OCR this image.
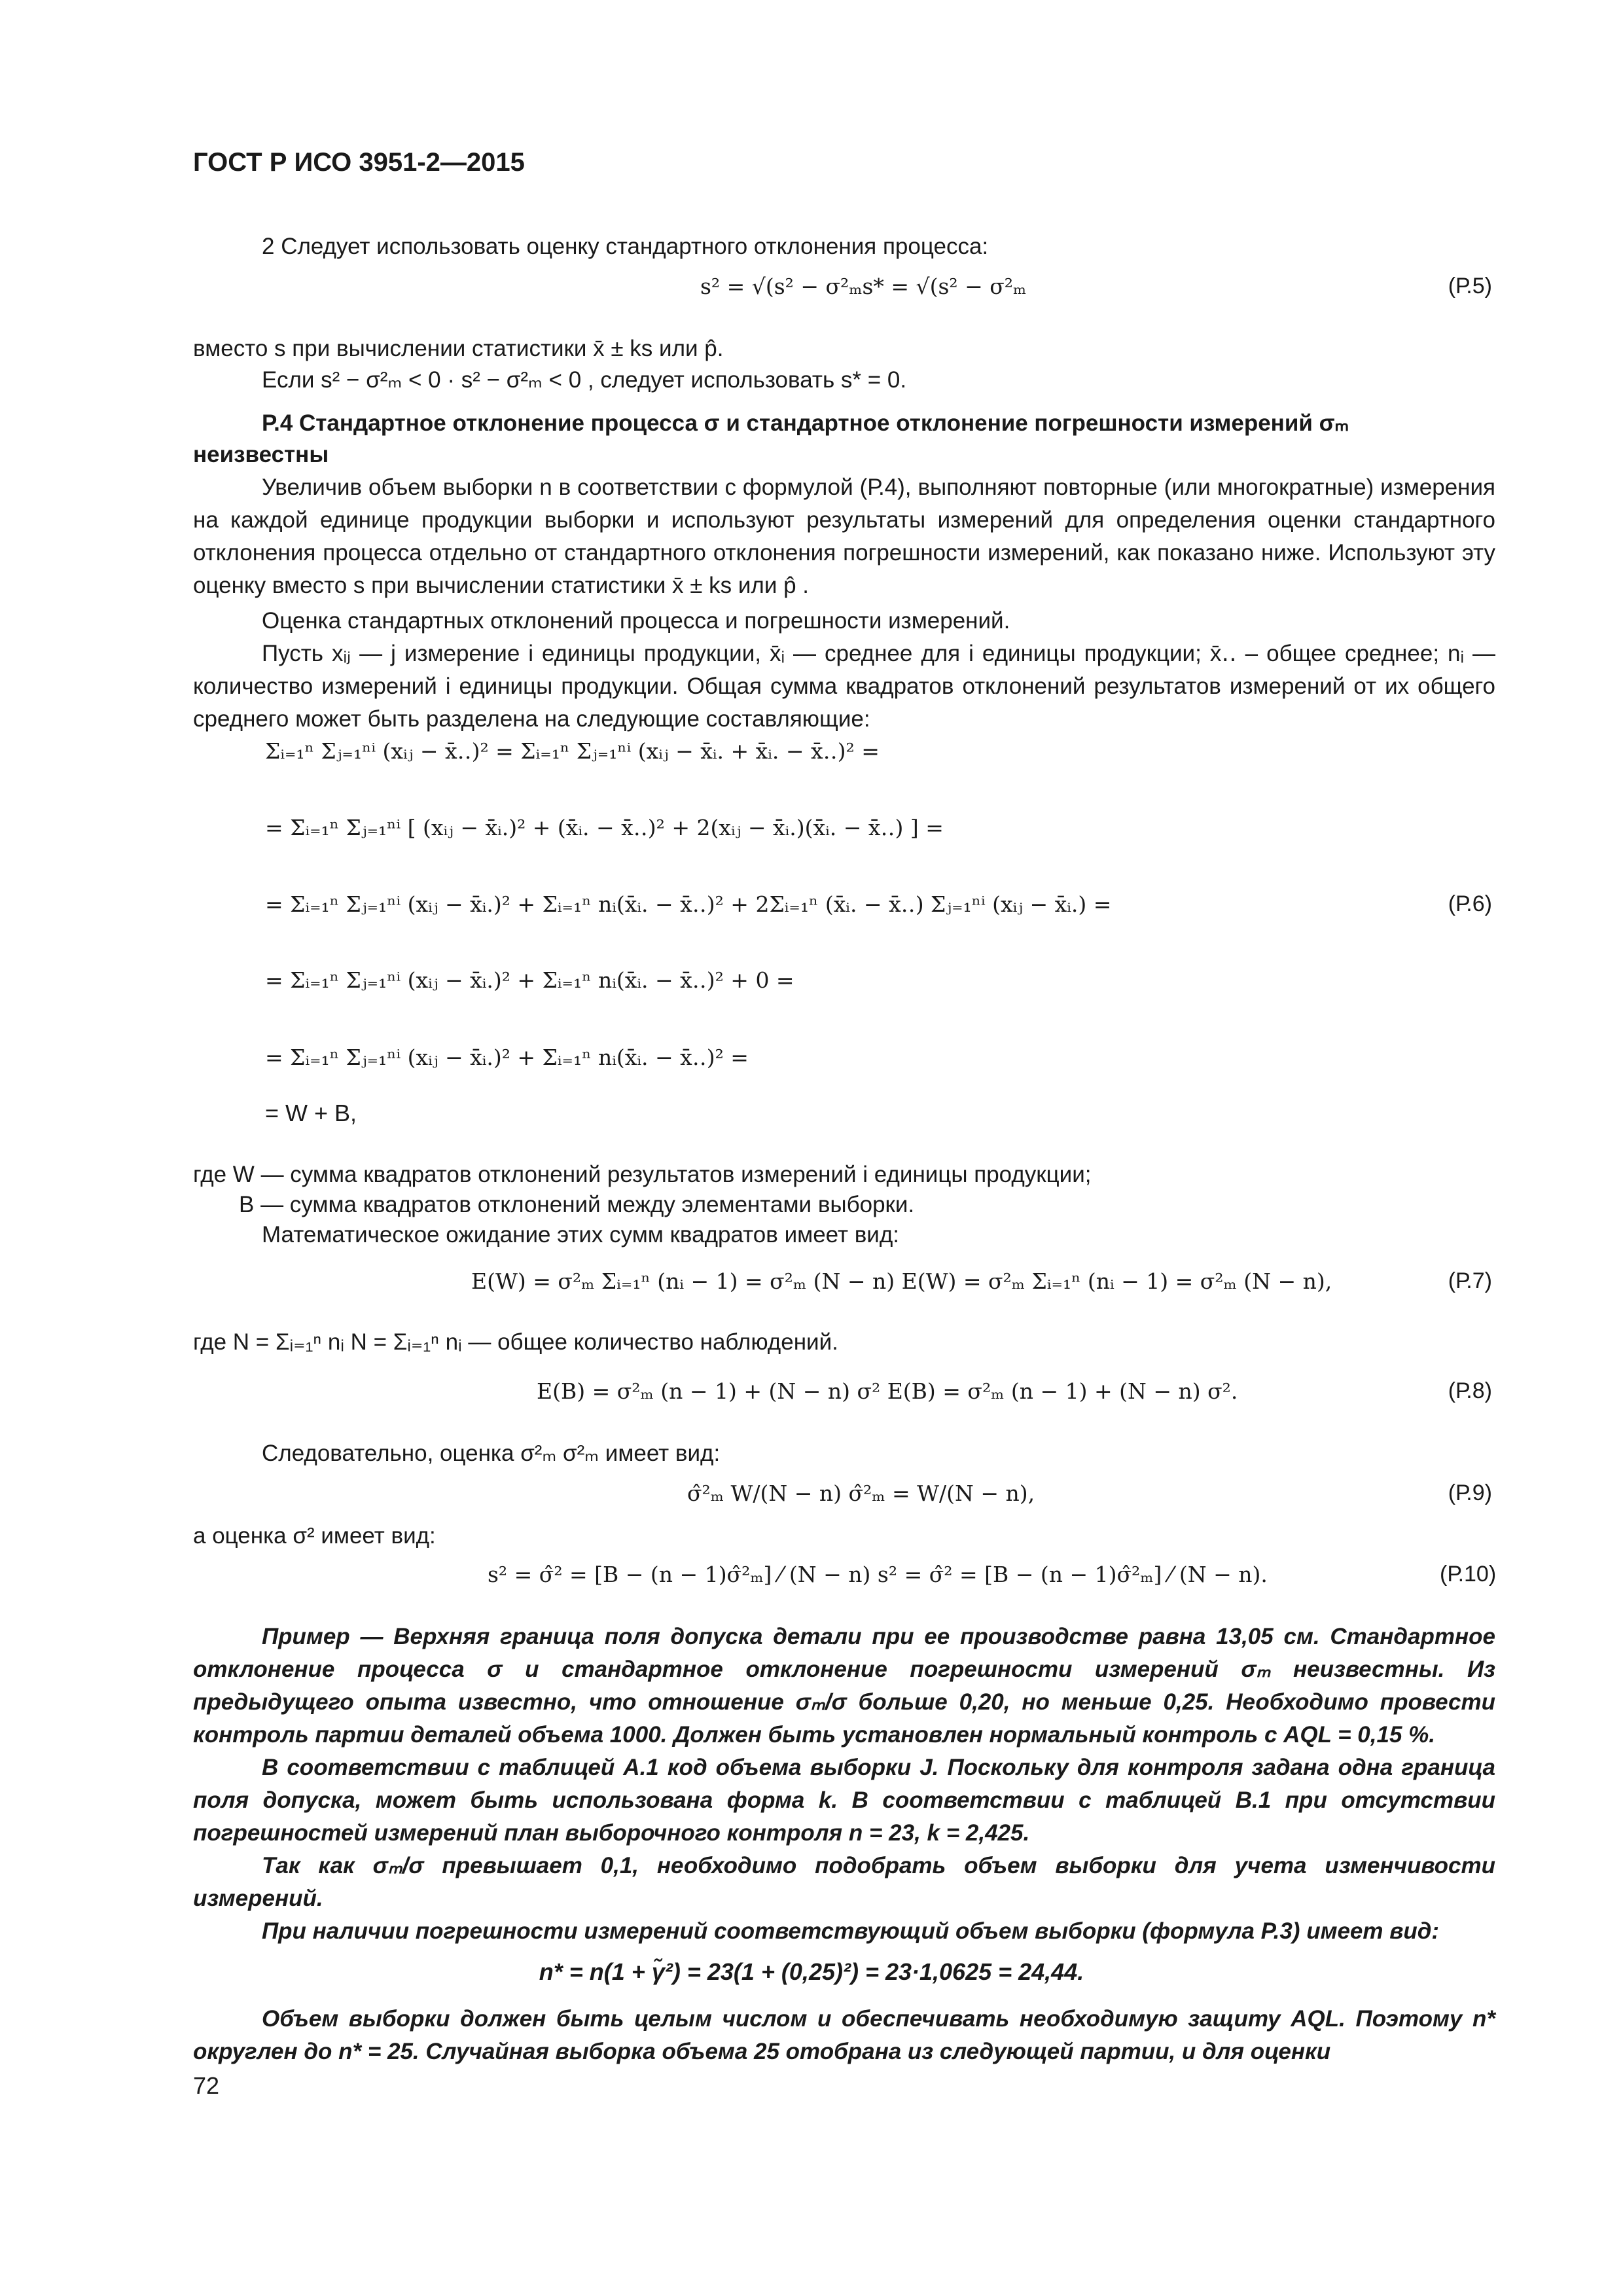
ГОСТ Р ИСО 3951-2—2015
2 Следует использовать оценку стандартного отклонения процесса:
s² = √(s² − σ²ₘs* = √(s² − σ²ₘ	(Р.5)
вместо s при вычислении статистики x̄ ± ks или p̂.
Если s² − σ²ₘ < 0 · s² − σ²ₘ < 0 , следует использовать s* = 0.
Р.4 Стандартное отклонение процесса σ и стандартное отклонение погрешности измерений σₘ
неизвестны
Увеличив объем выборки n в соответствии с формулой (Р.4), выполняют повторные (или многократные) измерения на каждой единице продукции выборки и используют результаты измерений для определения оценки стандартного отклонения процесса отдельно от стандартного отклонения погрешности измерений, как показано ниже. Используют эту оценку вместо s при вычислении статистики x̄ ± ks или p̂ .
Оценка стандартных отклонений процесса и погрешности измерений.
Пусть xᵢⱼ — j измерение i единицы продукции, x̄ᵢ — среднее для i единицы продукции; x̄‥ – общее среднее; nᵢ — количество измерений i единицы продукции. Общая сумма квадратов отклонений результатов измерений от их общего среднего может быть разделена на следующие составляющие:
Σᵢ₌₁ⁿ Σⱼ₌₁ⁿⁱ (xᵢⱼ − x̄‥)² = Σᵢ₌₁ⁿ Σⱼ₌₁ⁿⁱ (xᵢⱼ − x̄ᵢ. + x̄ᵢ. − x̄‥)² =
= Σᵢ₌₁ⁿ Σⱼ₌₁ⁿⁱ [ (xᵢⱼ − x̄ᵢ.)² + (x̄ᵢ. − x̄‥)² + 2(xᵢⱼ − x̄ᵢ.)(x̄ᵢ. − x̄‥) ] =
= Σᵢ₌₁ⁿ Σⱼ₌₁ⁿⁱ (xᵢⱼ − x̄ᵢ.)² + Σᵢ₌₁ⁿ nᵢ(x̄ᵢ. − x̄‥)² + 2Σᵢ₌₁ⁿ (x̄ᵢ. − x̄‥) Σⱼ₌₁ⁿⁱ (xᵢⱼ − x̄ᵢ.) =	(Р.6)
= Σᵢ₌₁ⁿ Σⱼ₌₁ⁿⁱ (xᵢⱼ − x̄ᵢ.)² + Σᵢ₌₁ⁿ nᵢ(x̄ᵢ. − x̄‥)² + 0 =
= Σᵢ₌₁ⁿ Σⱼ₌₁ⁿⁱ (xᵢⱼ − x̄ᵢ.)² + Σᵢ₌₁ⁿ nᵢ(x̄ᵢ. − x̄‥)² =
= W + B,
где W — сумма квадратов отклонений результатов измерений i единицы продукции;
B — сумма квадратов отклонений между элементами выборки.
Математическое ожидание этих сумм квадратов имеет вид:
E(W) = σ²ₘ Σᵢ₌₁ⁿ (nᵢ − 1) = σ²ₘ (N − n) E(W) = σ²ₘ Σᵢ₌₁ⁿ (nᵢ − 1) = σ²ₘ (N − n),	(Р.7)
где N = Σᵢ₌₁ⁿ nᵢ N = Σᵢ₌₁ⁿ nᵢ — общее количество наблюдений.
E(B) = σ²ₘ (n − 1) + (N − n) σ² E(B) = σ²ₘ (n − 1) + (N − n) σ².	(Р.8)
Следовательно, оценка σ²ₘ σ²ₘ имеет вид:
σ̂²ₘ W/(N − n) σ̂²ₘ = W/(N − n),	(Р.9)
а оценка σ² имеет вид:
s² = σ̂² = [B − (n − 1)σ̂²ₘ] ⁄ (N − n) s² = σ̂² = [B − (n − 1)σ̂²ₘ] ⁄ (N − n).	(Р.10)
Пример — Верхняя граница поля допуска детали при ее производстве равна 13,05 см. Стандартное отклонение процесса σ и стандартное отклонение погрешности измерений σₘ неизвестны. Из предыдущего опыта известно, что отношение σₘ/σ больше 0,20, но меньше 0,25. Необходимо провести контроль партии деталей объема 1000. Должен быть установлен нормальный контроль с AQL = 0,15 %.
В соответствии с таблицей А.1 код объема выборки J. Поскольку для контроля задана одна граница поля допуска, может быть использована форма k. В соответствии с таблицей В.1 при отсутствии погрешностей измерений план выборочного контроля n = 23, k = 2,425.
Так как σₘ/σ превышает 0,1, необходимо подобрать объем выборки для учета изменчивости измерений.
При наличии погрешности измерений соответствующий объем выборки (формула Р.3) имеет вид:
n* = n(1 + γ̃²) = 23(1 + (0,25)²) = 23·1,0625 = 24,44.
Объем выборки должен быть целым числом и обеспечивать необходимую защиту AQL. Поэтому n* округлен до n* = 25. Случайная выборка объема 25 отобрана из следующей партии, и для оценки
72
